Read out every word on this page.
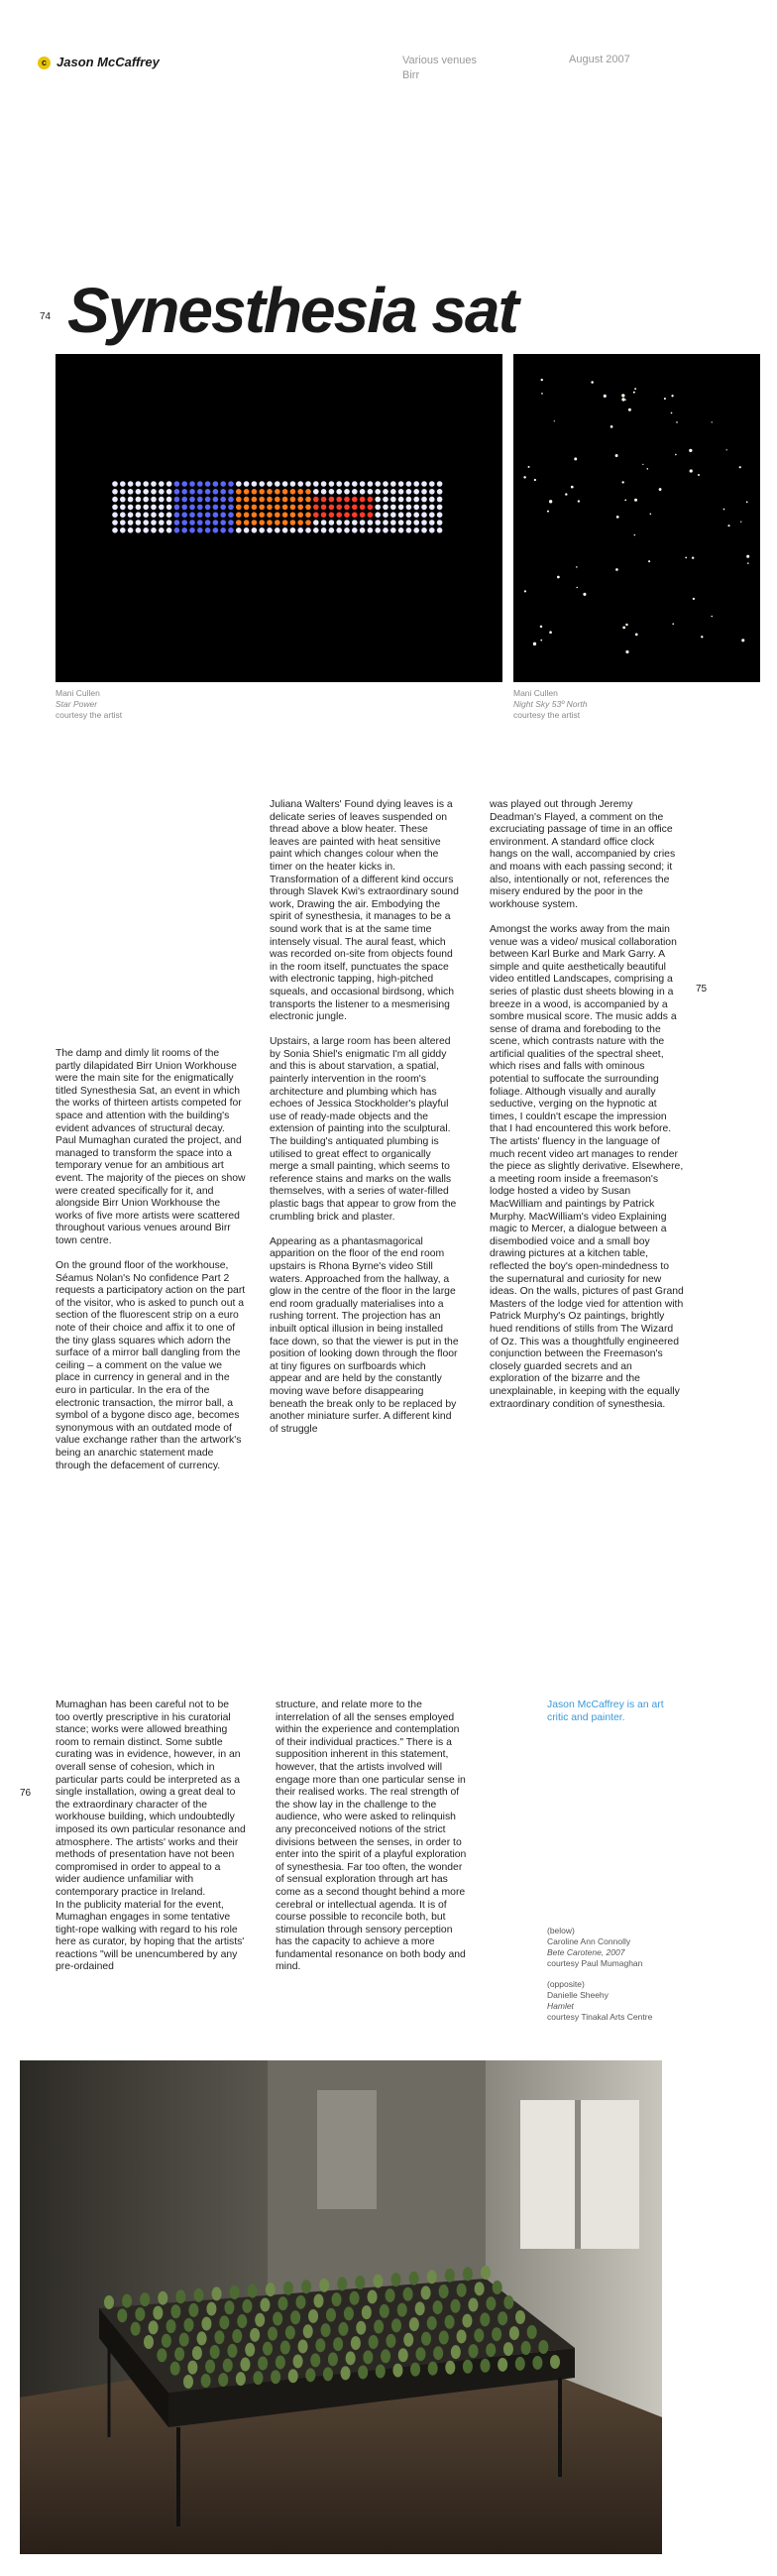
c Jason McCaffrey	Various venues
Birr
August 2007
74 Synesthesia sat
Mani Cullen
Star Power
courtesy the artist
Mani Cullen
Night Sky 53º North
courtesy the artist

The damp and dimly lit rooms of the partly dilapidated Birr Union Workhouse were the main site for the enigmatically titled Synesthesia Sat, an event in which the works of thirteen artists competed for space and attention with the building's evident advances of structural decay. Paul Mumaghan curated the project, and managed to transform the space into a temporary venue for an ambitious art event. The majority of the pieces on show were created specifically for it, and alongside Birr Union Workhouse the works of five more artists were scattered throughout various venues around Birr town centre.

On the ground floor of the workhouse, Séamus Nolan's No confidence Part 2 requests a participatory action on the part of the visitor, who is asked to punch out a section of the fluorescent strip on a euro note of their choice and affix it to one of the tiny glass squares which adorn the surface of a mirror ball dangling from the ceiling – a comment on the value we place in currency in general and in the euro in particular. In the era of the electronic transaction, the mirror ball, a symbol of a bygone disco age, becomes synonymous with an outdated mode of value exchange rather than the artwork's being an anarchic statement made through the defacement of currency.

Juliana Walters' Found dying leaves is a delicate series of leaves suspended on thread above a blow heater. These leaves are painted with heat sensitive paint which changes colour when the timer on the heater kicks in. Transformation of a different kind occurs through Slavek Kwi's extraordinary sound work, Drawing the air. Embodying the spirit of synesthesia, it manages to be a sound work that is at the same time intensely visual. The aural feast, which was recorded on-site from objects found in the room itself, punctuates the space with electronic tapping, high-pitched squeals, and occasional birdsong, which transports the listener to a mesmerising electronic jungle.

Upstairs, a large room has been altered by Sonia Shiel's enigmatic I'm all giddy and this is about starvation, a spatial, painterly intervention in the room's architecture and plumbing which has echoes of Jessica Stockholder's playful use of ready-made objects and the extension of painting into the sculptural. The building's antiquated plumbing is utilised to great effect to organically merge a small painting, which seems to reference stains and marks on the walls themselves, with a series of water-filled plastic bags that appear to grow from the crumbling brick and plaster.

Appearing as a phantasmagorical apparition on the floor of the end room upstairs is Rhona Byrne's video Still waters. Approached from the hallway, a glow in the centre of the floor in the large end room gradually materialises into a rushing torrent. The projection has an inbuilt optical illusion in being installed face down, so that the viewer is put in the position of looking down through the floor at tiny figures on surfboards which appear and are held by the constantly moving wave before disappearing beneath the break only to be replaced by another miniature surfer. A different kind of struggle

was played out through Jeremy Deadman's Flayed, a comment on the excruciating passage of time in an office environment. A standard office clock hangs on the wall, accompanied by cries and moans with each passing second; it also, intentionally or not, references the misery endured by the poor in the workhouse system.

Amongst the works away from the main venue was a video/ musical collaboration between Karl Burke and Mark Garry. A simple and quite aesthetically beautiful video entitled Landscapes, comprising a series of plastic dust sheets blowing in a breeze in a wood, is accompanied by a sombre musical score. The music adds a sense of drama and foreboding to the scene, which contrasts nature with the artificial qualities of the spectral sheet, which rises and falls with ominous potential to suffocate the surrounding foliage. Although visually and aurally seductive, verging on the hypnotic at times, I couldn't escape the impression that I had encountered this work before. The artists' fluency in the language of much recent video art manages to render the piece as slightly derivative. Elsewhere, a meeting room inside a freemason's lodge hosted a video by Susan MacWilliam and paintings by Patrick Murphy. MacWilliam's video Explaining magic to Mercer, a dialogue between a disembodied voice and a small boy drawing pictures at a kitchen table, reflected the boy's open-mindedness to the supernatural and curiosity for new ideas. On the walls, pictures of past Grand Masters of the lodge vied for attention with Patrick Murphy's Oz paintings, brightly hued renditions of stills from The Wizard of Oz. This was a thoughtfully engineered conjunction between the Freemason's closely guarded secrets and an exploration of the bizarre and the unexplainable, in keeping with the equally extraordinary condition of synesthesia.

75
76

Mumaghan has been careful not to be too overtly prescriptive in his curatorial stance; works were allowed breathing room to remain distinct. Some subtle curating was in evidence, however, in an overall sense of cohesion, which in particular parts could be interpreted as a single installation, owing a great deal to the extraordinary character of the workhouse building, which undoubtedly imposed its own particular resonance and atmosphere. The artists' works and their methods of presentation have not been compromised in order to appeal to a wider audience unfamiliar with contemporary practice in Ireland.

In the publicity material for the event, Mumaghan engages in some tentative tight-rope walking with regard to his role here as curator, by hoping that the artists' reactions "will be unencumbered by any pre-ordained

structure, and relate more to the interrelation of all the senses employed within the experience and contemplation of their individual practices." There is a supposition inherent in this statement, however, that the artists involved will engage more than one particular sense in their realised works. The real strength of the show lay in the challenge to the audience, who were asked to relinquish any preconceived notions of the strict divisions between the senses, in order to enter into the spirit of a playful exploration of synesthesia. Far too often, the wonder of sensual exploration through art has come as a second thought behind a more cerebral or intellectual agenda. It is of course possible to reconcile both, but stimulation through sensory perception has the capacity to achieve a more fundamental resonance on both body and mind.

Jason McCaffrey is an art critic and painter.
(below)
Caroline Ann Connolly
Bete Carotene, 2007
courtesy Paul Mumaghan
(opposite)
Danielle Sheehy
Hamlet
courtesy Tinakal Arts Centre
